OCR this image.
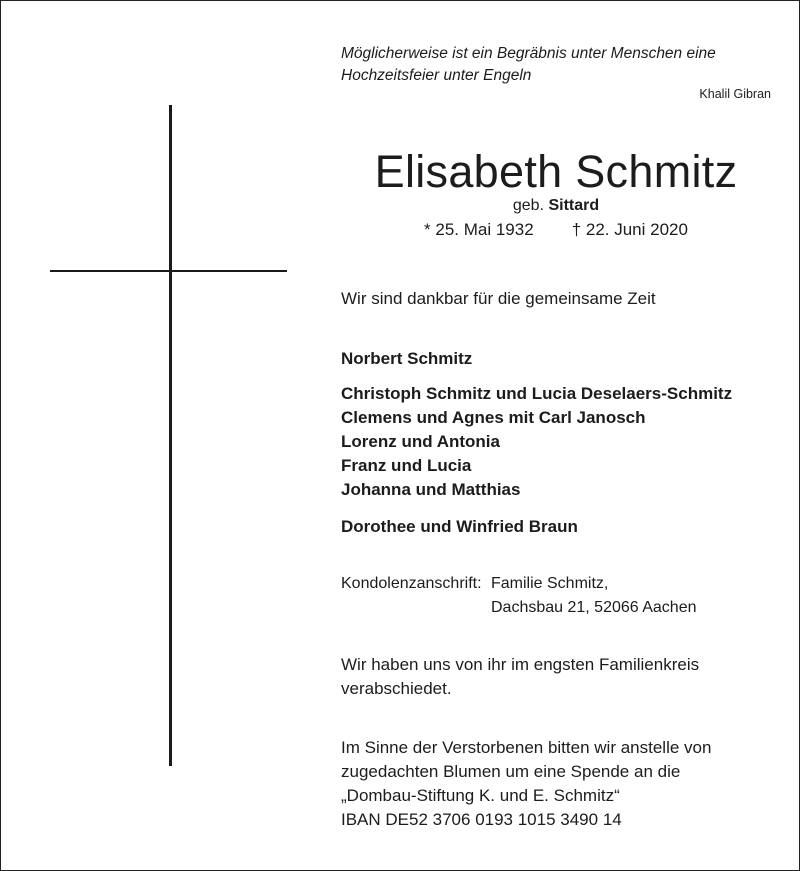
Möglicherweise ist ein Begräbnis unter Menschen eine

Hochzeitsfeier unter Engeln

Khalil Gibran
Elisabeth Schmitz
geb. Sittard
* 25. Mai 1932 † 22. Juni 2020
Wir sind dankbar für die gemeinsame Zeit
Norbert Schmitz

Christoph Schmitz und Lucia Deselaers-Schmitz

Clemens und Agnes mit Carl Janosch

Lorenz und Antonia

Franz und Lucia

Johanna und Matthias

Dorothee und Winfried Braun
Kondolenzanschrift: Familie Schmitz,
Dachsbau 21, 52066 Aachen

Wir haben uns von ihr im engsten Familienkreis

verabschiedet.

Im Sinne der Verstorbenen bitten wir anstelle von

zugedachten Blumen um eine Spende an die

„Dombau-Stiftung K. und E. Schmitz“

IBAN DE52 3706 0193 1015 3490 14
